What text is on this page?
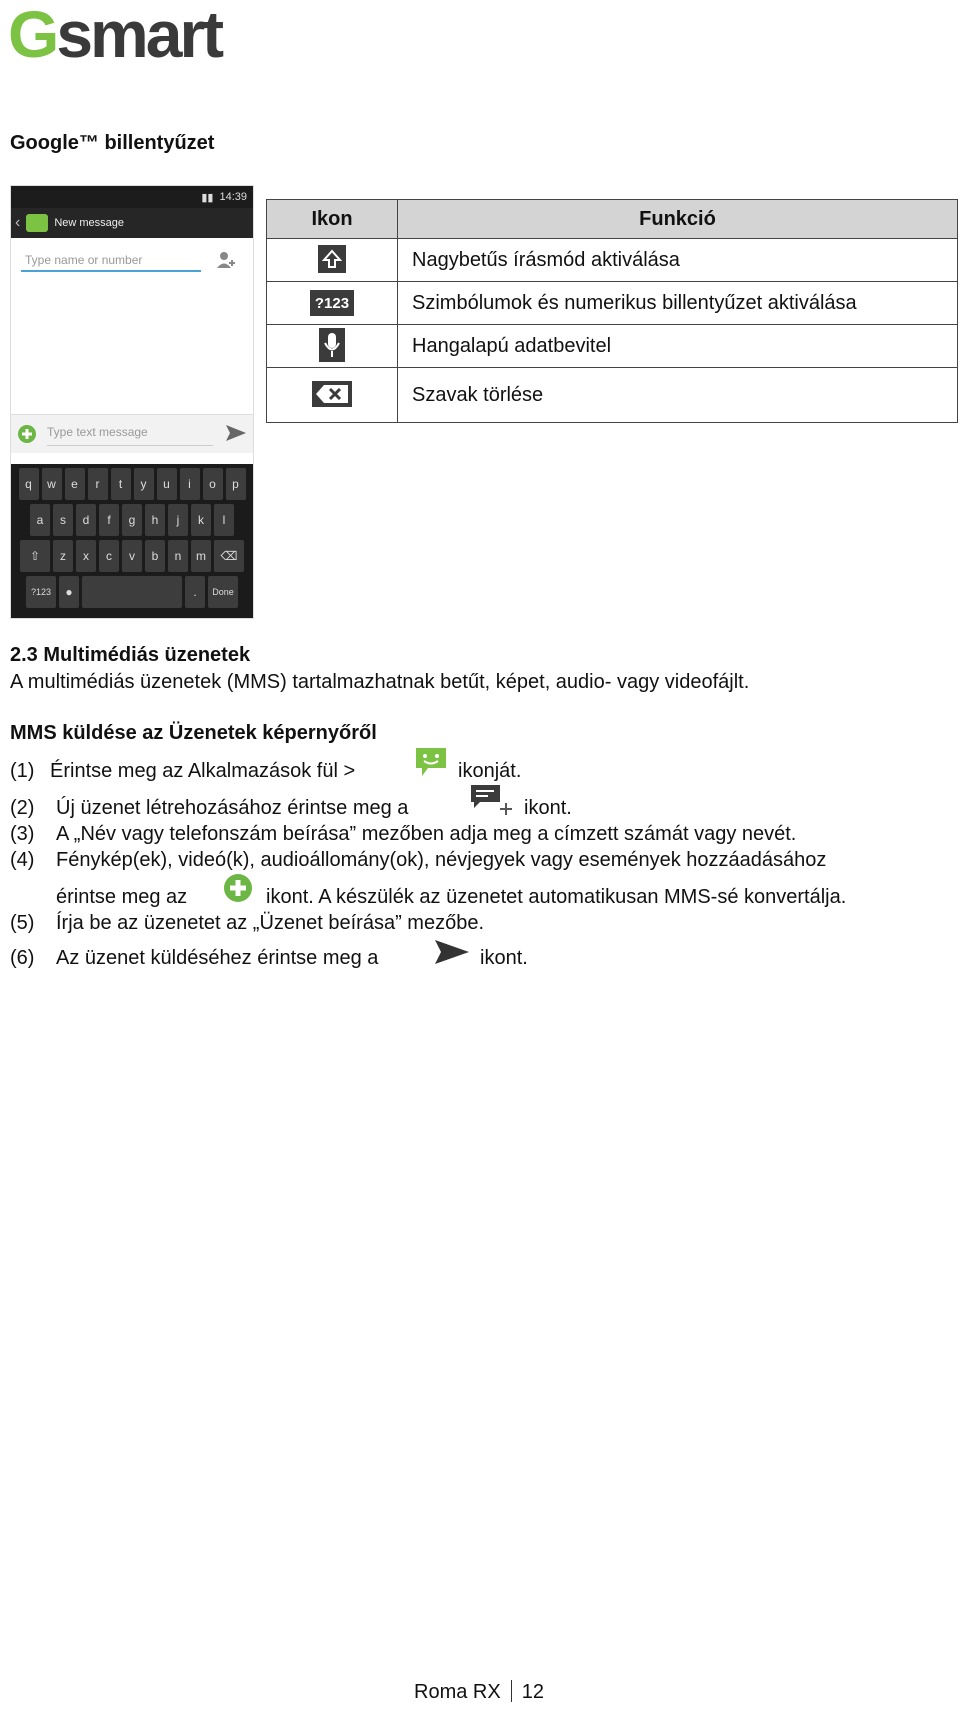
G smart
Google™ billentyűzet
▮▮ 14:39
‹	New message
Type name or number
Type text message
q	w	e	r	t	y	u	i	o	p
a	s	d	f	g	h	j	k	l
⇧	z	x	c	v	b	n	m	⌫
?123	●	.	Done
Ikon	Funkció

	Nagybetűs írásmód aktiválása
?123	Szimbólumok és numerikus billentyűzet aktiválása

	Hangalapú adatbevitel

	Szavak törlése
2.3 Multimédiás üzenetek

A multimédiás üzenetek (MMS) tartalmazhatnak betűt, képet, audio- vagy videofájlt.

MMS küldése az Üzenetek képernyőről
(1) Érintse meg az Alkalmazások fül >	ikonját.
(2) Új üzenet létrehozásához érintse meg a	ikont.
(3) A „Név vagy telefonszám beírása” mezőben adja meg a címzett számát vagy nevét.
(4) Fénykép(ek), videó(k), audioállomány(ok), névjegyek vagy események hozzáadásához
érintse meg az	ikont. A készülék az üzenetet automatikusan MMS-sé konvertálja.
(5) Írja be az üzenetet az „Üzenet beírása” mezőbe.
(6) Az üzenet küldéséhez érintse meg a	ikont.
Roma RX 12
